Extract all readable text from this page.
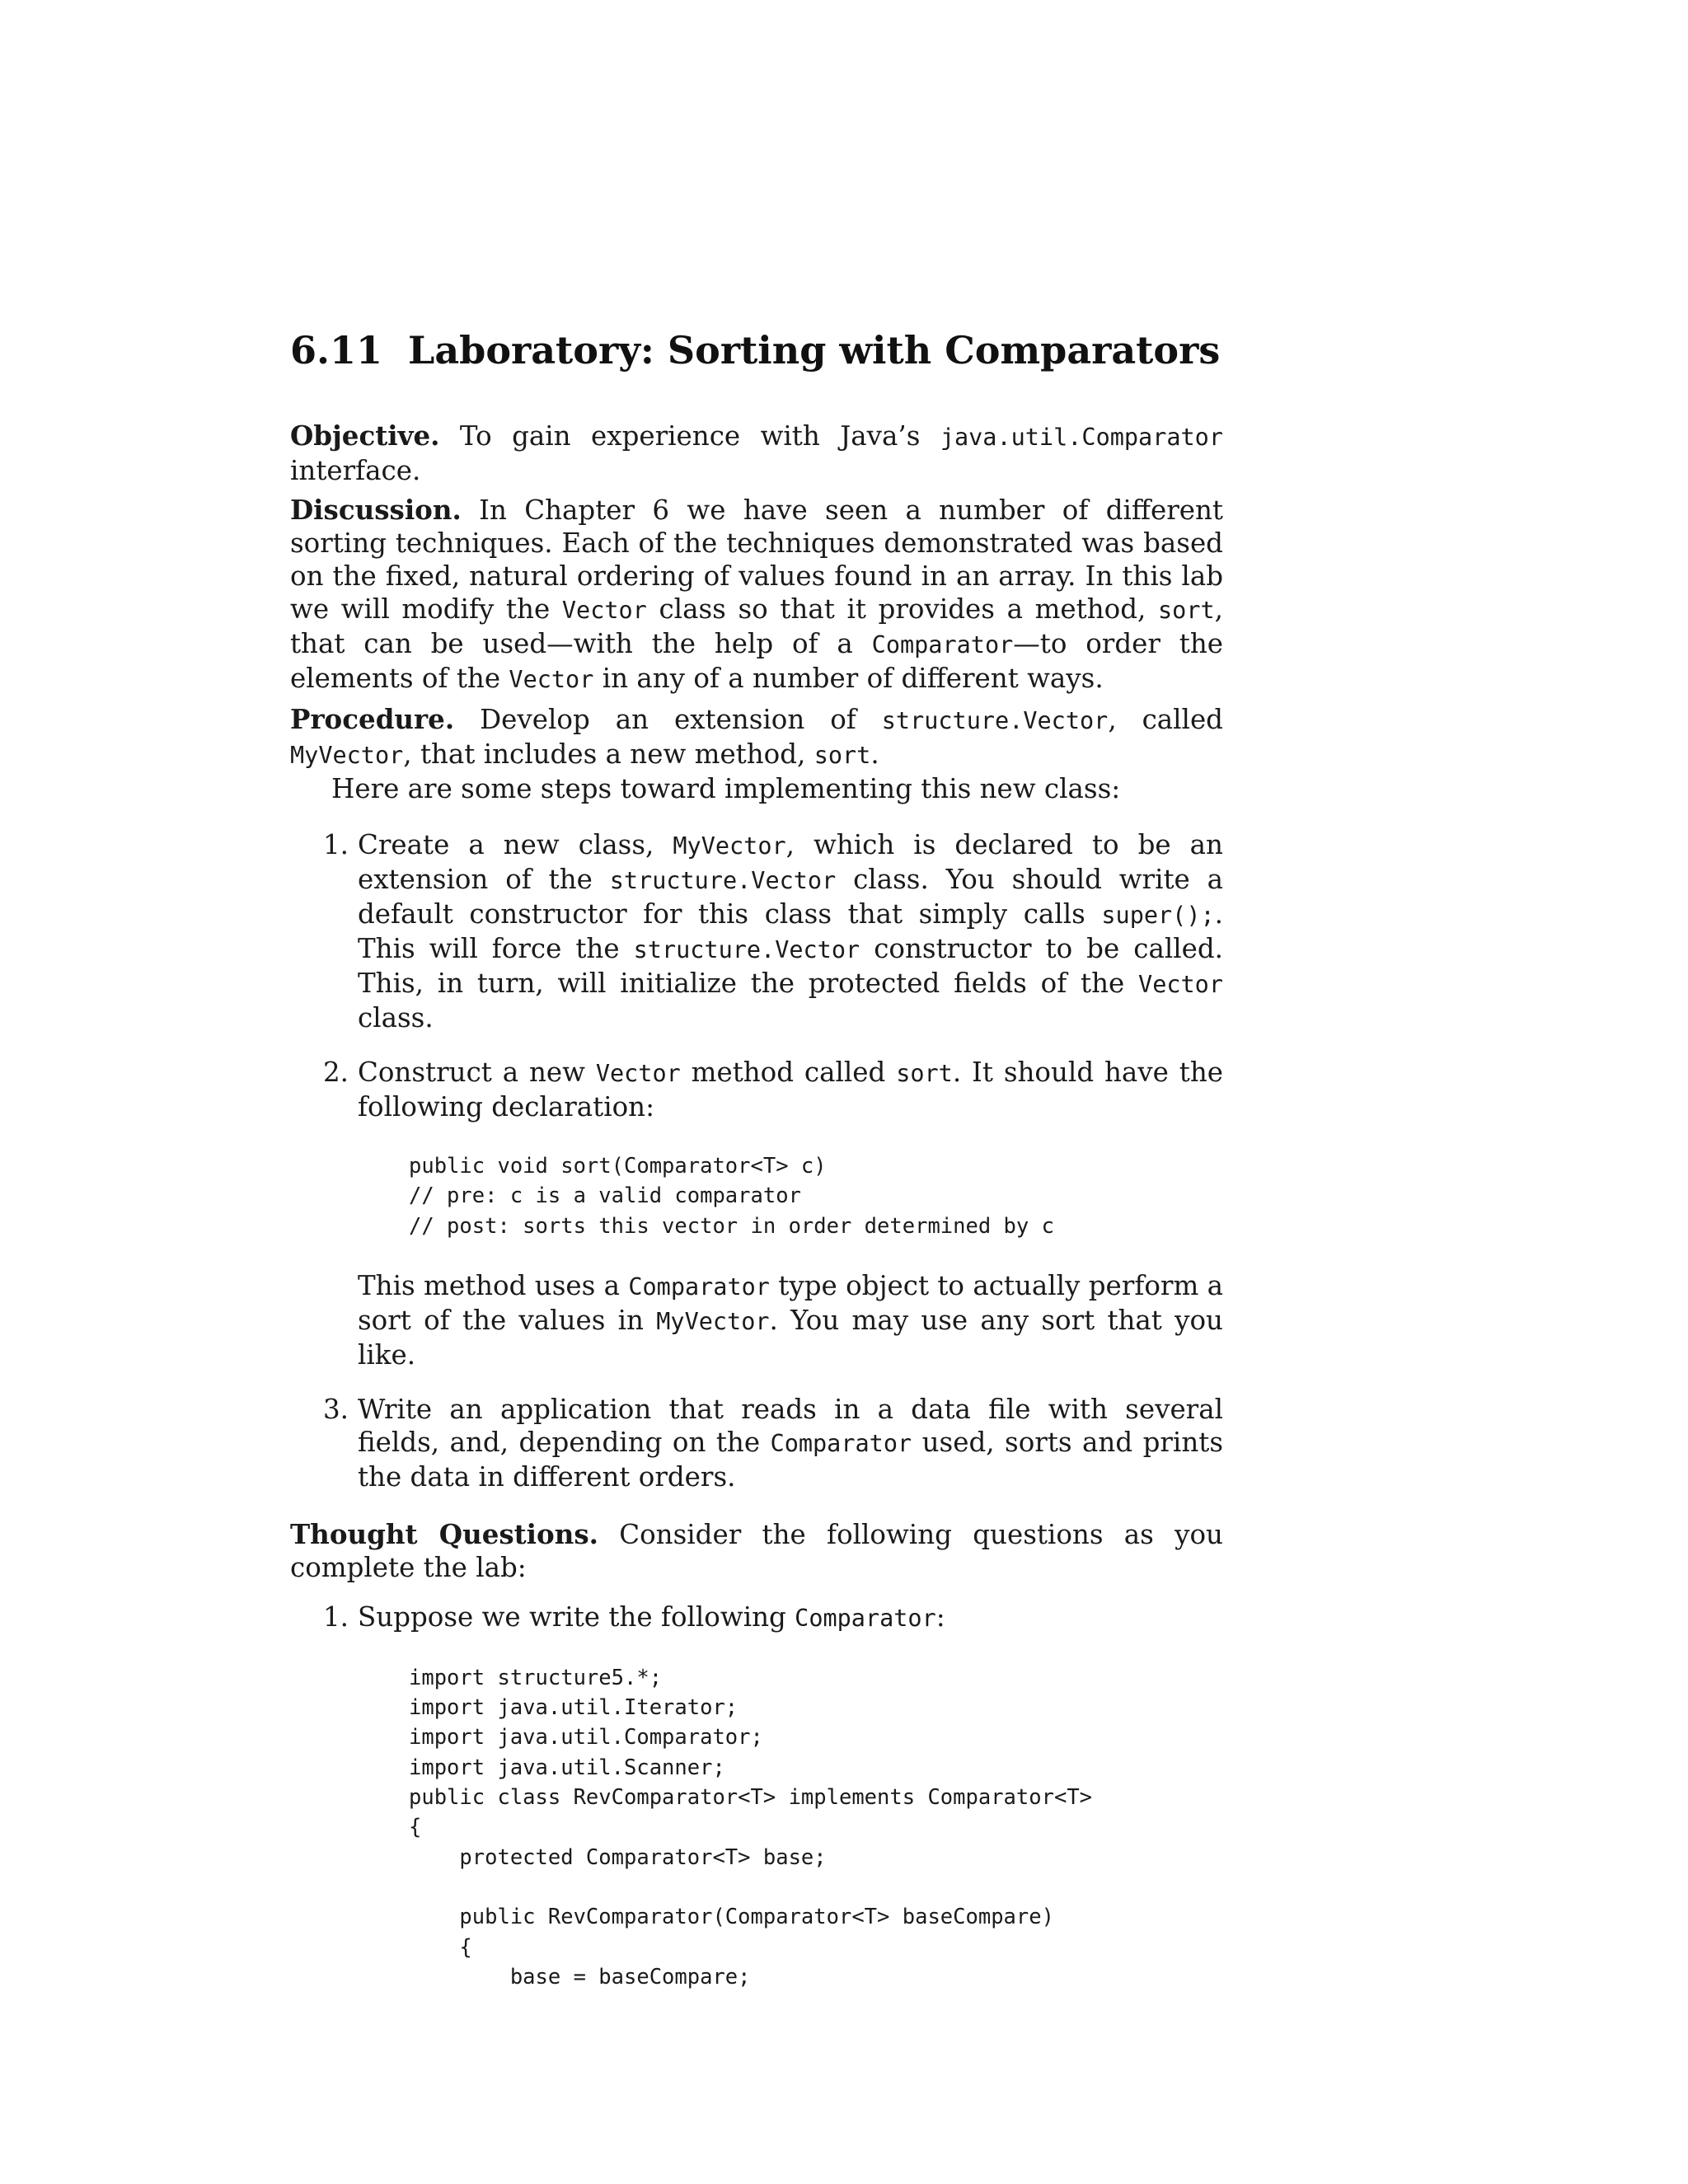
6.11 Laboratory: Sorting with Comparators

Objective. To gain experience with Java’s java.util.Comparator interface.

Discussion. In Chapter 6 we have seen a number of different sorting techniques. Each of the techniques demonstrated was based on the fixed, natural ordering of values found in an array. In this lab we will modify the Vector class so that it provides a method, sort, that can be used—with the help of a Comparator—to order the elements of the Vector in any of a number of different ways.

Procedure. Develop an extension of structure.Vector, called MyVector, that includes a new method, sort.

Here are some steps toward implementing this new class:

1. Create a new class, MyVector, which is declared to be an extension of the structure.Vector class. You should write a default constructor for this class that simply calls super();. This will force the structure.Vector constructor to be called. This, in turn, will initialize the protected fields of the Vector class.
2. Construct a new Vector method called sort. It should have the following declaration:
public void sort(Comparator<T> c)
// pre: c is a valid comparator
// post: sorts this vector in order determined by c
This method uses a Comparator type object to actually perform a sort of the values in MyVector. You may use any sort that you like.
3. Write an application that reads in a data file with several fields, and, depending on the Comparator used, sorts and prints the data in different orders.

Thought Questions. Consider the following questions as you complete the lab:

1. Suppose we write the following Comparator:
import structure5.*;
import java.util.Iterator;
import java.util.Comparator;
import java.util.Scanner;
public class RevComparator<T> implements Comparator<T>
{
protected Comparator<T> base;

public RevComparator(Comparator<T> baseCompare)
{
base = baseCompare;
